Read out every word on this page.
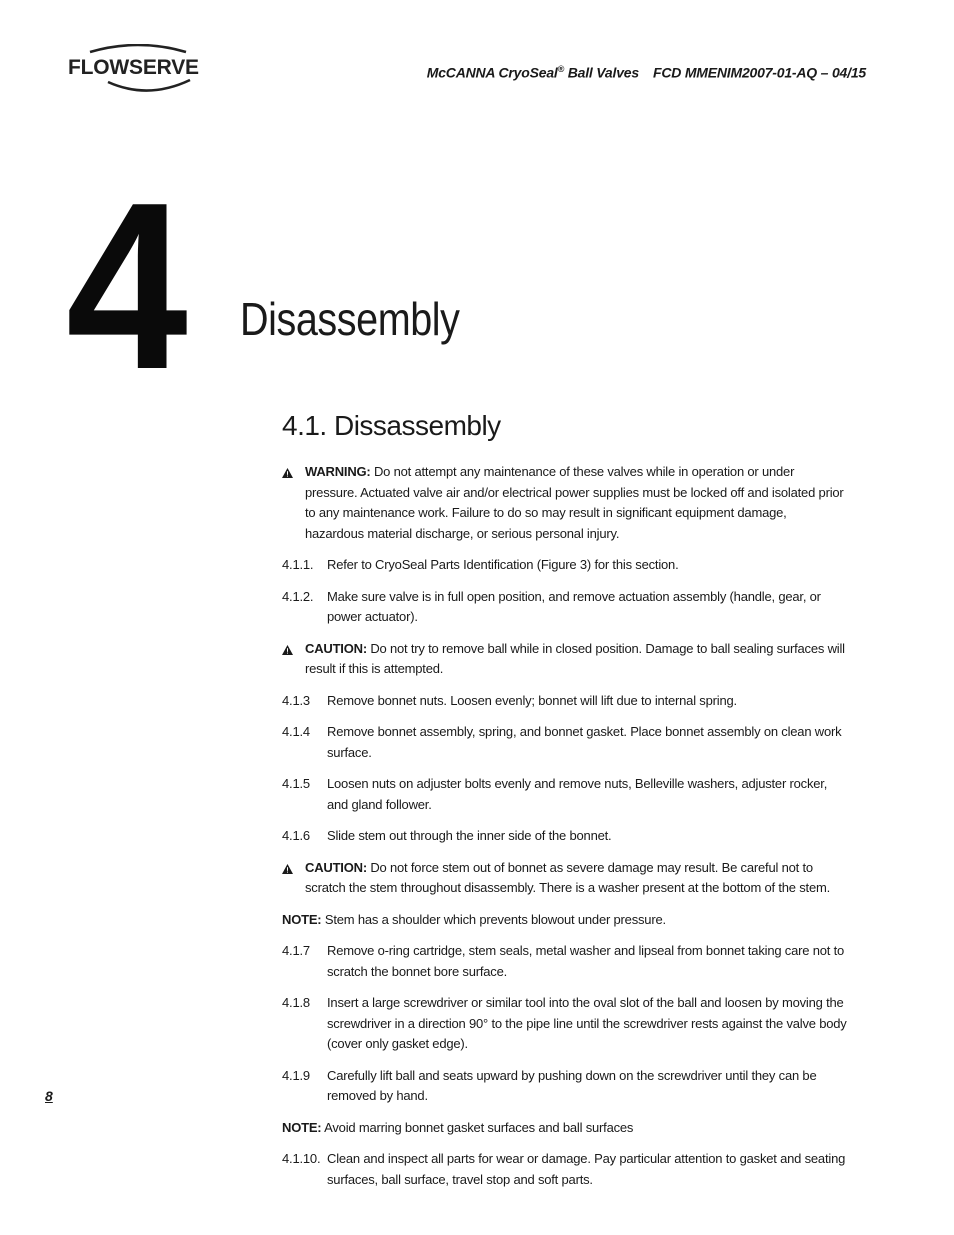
FLOWSERVE	McCANNA CryoSeal® Ball Valves FCD MMENIM2007-01-AQ – 04/15
4 Disassembly
4.1. Dissassembly
WARNING: Do not attempt any maintenance of these valves while in operation or under pressure. Actuated valve air and/or electrical power supplies must be locked off and isolated prior to any maintenance work. Failure to do so may result in significant equipment damage, hazardous material discharge, or serious personal injury.
4.1.1.	Refer to CryoSeal Parts Identification (Figure 3) for this section.
4.1.2.	Make sure valve is in full open position, and remove actuation assembly (handle, gear, or power actuator).
CAUTION: Do not try to remove ball while in closed position. Damage to ball sealing surfaces will result if this is attempted.
4.1.3	Remove bonnet nuts. Loosen evenly; bonnet will lift due to internal spring.
4.1.4	Remove bonnet assembly, spring, and bonnet gasket. Place bonnet assembly on clean work surface.
4.1.5	Loosen nuts on adjuster bolts evenly and remove nuts, Belleville washers, adjuster rocker, and gland follower.
4.1.6	Slide stem out through the inner side of the bonnet.
CAUTION: Do not force stem out of bonnet as severe damage may result. Be careful not to scratch the stem throughout disassembly. There is a washer present at the bottom of the stem.
NOTE: Stem has a shoulder which prevents blowout under pressure.
4.1.7	Remove o-ring cartridge, stem seals, metal washer and lipseal from bonnet taking care not to scratch the bonnet bore surface.
4.1.8	Insert a large screwdriver or similar tool into the oval slot of the ball and loosen by moving the screwdriver in a direction 90° to the pipe line until the screwdriver rests against the valve body (cover only gasket edge).
4.1.9	Carefully lift ball and seats upward by pushing down on the screwdriver until they can be removed by hand.
NOTE: Avoid marring bonnet gasket surfaces and ball surfaces
4.1.10. Clean and inspect all parts for wear or damage. Pay particular attention to gasket and seating surfaces, ball surface, travel stop and soft parts.
8
